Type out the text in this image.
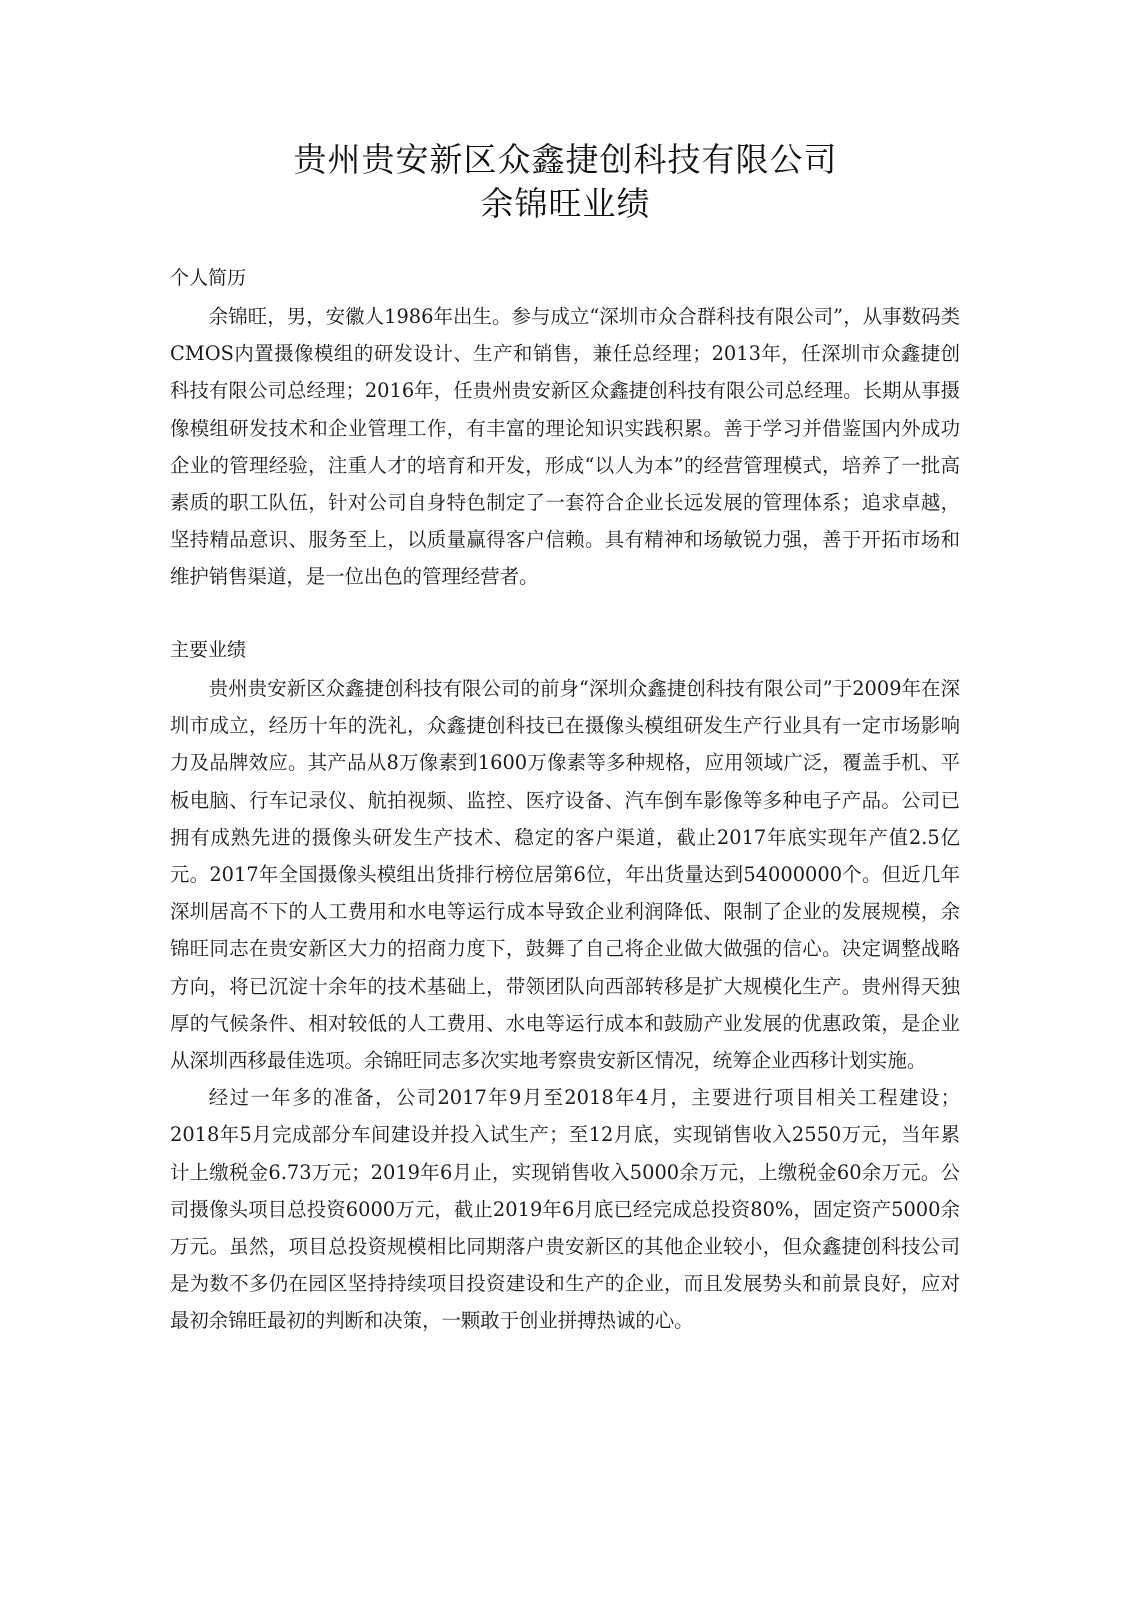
贵州贵安新区众鑫捷创科技有限公司
余锦旺业绩
个人简历

余锦旺，男，安徽人1986年出生。参与成立“深圳市众合群科技有限公司”，从事数码类CMOS内置摄像模组的研发设计、生产和销售，兼任总经理；2013年，任深圳市众鑫捷创科技有限公司总经理；2016年，任贵州贵安新区众鑫捷创科技有限公司总经理。长期从事摄像模组研发技术和企业管理工作，有丰富的理论知识实践积累。善于学习并借鉴国内外成功企业的管理经验，注重人才的培育和开发，形成“以人为本”的经营管理模式，培养了一批高素质的职工队伍，针对公司自身特色制定了一套符合企业长远发展的管理体系；追求卓越，坚持精品意识、服务至上，以质量赢得客户信赖。具有精神和场敏锐力强，善于开拓市场和维护销售渠道，是一位出色的管理经营者。

主要业绩

贵州贵安新区众鑫捷创科技有限公司的前身“深圳众鑫捷创科技有限公司”于2009年在深圳市成立，经历十年的洗礼，众鑫捷创科技已在摄像头模组研发生产行业具有一定市场影响力及品牌效应。其产品从8万像素到1600万像素等多种规格，应用领域广泛，覆盖手机、平板电脑、行车记录仪、航拍视频、监控、医疗设备、汽车倒车影像等多种电子产品。公司已拥有成熟先进的摄像头研发生产技术、稳定的客户渠道，截止2017年底实现年产值2.5亿元。2017年全国摄像头模组出货排行榜位居第6位，年出货量达到54000000个。但近几年深圳居高不下的人工费用和水电等运行成本导致企业利润降低、限制了企业的发展规模，余锦旺同志在贵安新区大力的招商力度下，鼓舞了自己将企业做大做强的信心。决定调整战略方向，将已沉淀十余年的技术基础上，带领团队向西部转移是扩大规模化生产。贵州得天独厚的气候条件、相对较低的人工费用、水电等运行成本和鼓励产业发展的优惠政策，是企业从深圳西移最佳选项。余锦旺同志多次实地考察贵安新区情况，统筹企业西移计划实施。

经过一年多的准备，公司2017年9月至2018年4月，主要进行项目相关工程建设；2018年5月完成部分车间建设并投入试生产；至12月底，实现销售收入2550万元，当年累计上缴税金6.73万元；2019年6月止，实现销售收入5000余万元，上缴税金60余万元。公司摄像头项目总投资6000万元，截止2019年6月底已经完成总投资80%，固定资产5000余万元。虽然，项目总投资规模相比同期落户贵安新区的其他企业较小，但众鑫捷创科技公司是为数不多仍在园区坚持持续项目投资建设和生产的企业，而且发展势头和前景良好，应对最初余锦旺最初的判断和决策，一颗敢于创业拼搏热诚的心。
